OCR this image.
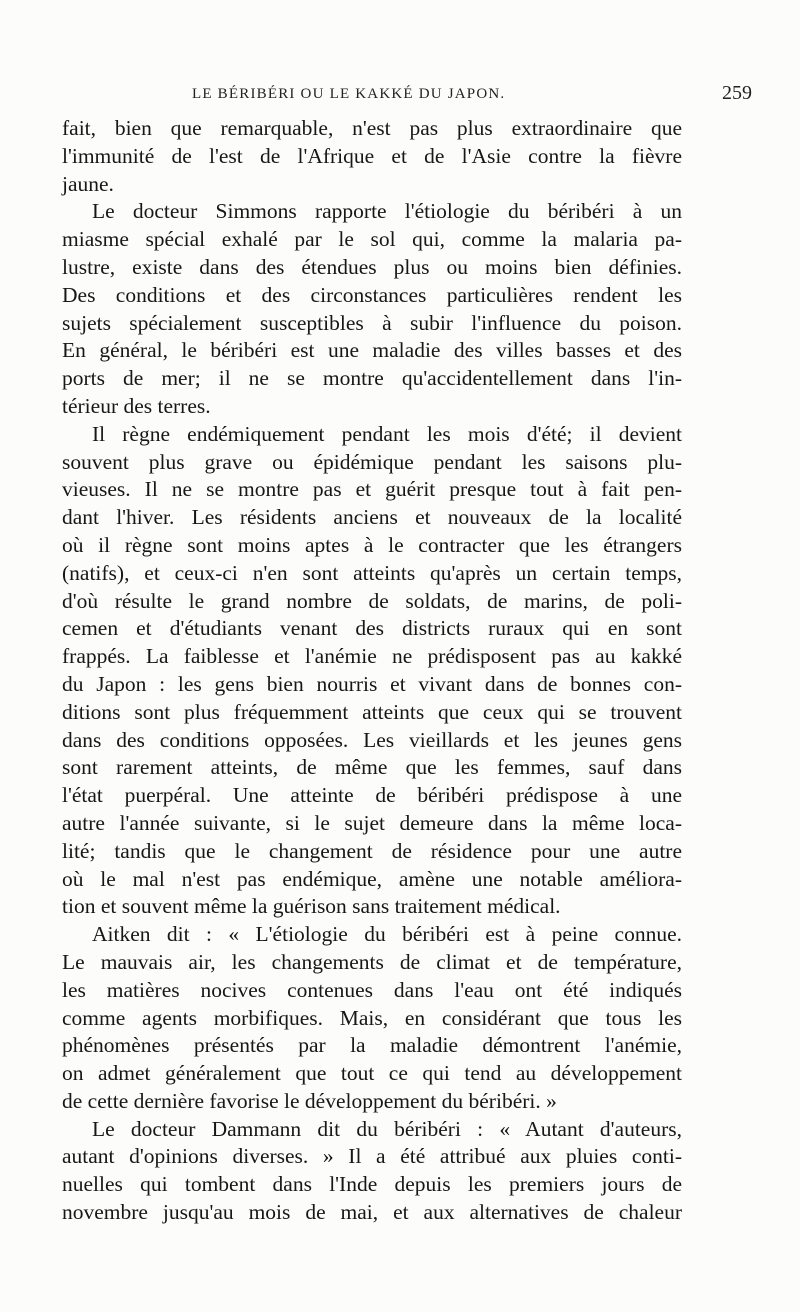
LE BÉRIBÉRI OU LE KAKKÉ DU JAPON.	259
fait, bien que remarquable, n'est pas plus extraordinaire que
l'immunité de l'est de l'Afrique et de l'Asie contre la fièvre
jaune.
Le docteur Simmons rapporte l'étiologie du béribéri à un
miasme spécial exhalé par le sol qui, comme la malaria pa-
lustre, existe dans des étendues plus ou moins bien définies.
Des conditions et des circonstances particulières rendent les
sujets spécialement susceptibles à subir l'influence du poison.
En général, le béribéri est une maladie des villes basses et des
ports de mer; il ne se montre qu'accidentellement dans l'in-
térieur des terres.
Il règne endémiquement pendant les mois d'été; il devient
souvent plus grave ou épidémique pendant les saisons plu-
vieuses. Il ne se montre pas et guérit presque tout à fait pen-
dant l'hiver. Les résidents anciens et nouveaux de la localité
où il règne sont moins aptes à le contracter que les étrangers
(natifs), et ceux-ci n'en sont atteints qu'après un certain temps,
d'où résulte le grand nombre de soldats, de marins, de poli-
cemen et d'étudiants venant des districts ruraux qui en sont
frappés. La faiblesse et l'anémie ne prédisposent pas au kakké
du Japon : les gens bien nourris et vivant dans de bonnes con-
ditions sont plus fréquemment atteints que ceux qui se trouvent
dans des conditions opposées. Les vieillards et les jeunes gens
sont rarement atteints, de même que les femmes, sauf dans
l'état puerpéral. Une atteinte de béribéri prédispose à une
autre l'année suivante, si le sujet demeure dans la même loca-
lité; tandis que le changement de résidence pour une autre
où le mal n'est pas endémique, amène une notable améliora-
tion et souvent même la guérison sans traitement médical.
Aitken dit : « L'étiologie du béribéri est à peine connue.
Le mauvais air, les changements de climat et de température,
les matières nocives contenues dans l'eau ont été indiqués
comme agents morbifiques. Mais, en considérant que tous les
phénomènes présentés par la maladie démontrent l'anémie,
on admet généralement que tout ce qui tend au développement
de cette dernière favorise le développement du béribéri. »
Le docteur Dammann dit du béribéri : « Autant d'auteurs,
autant d'opinions diverses. » Il a été attribué aux pluies conti-
nuelles qui tombent dans l'Inde depuis les premiers jours de
novembre jusqu'au mois de mai, et aux alternatives de chaleur
